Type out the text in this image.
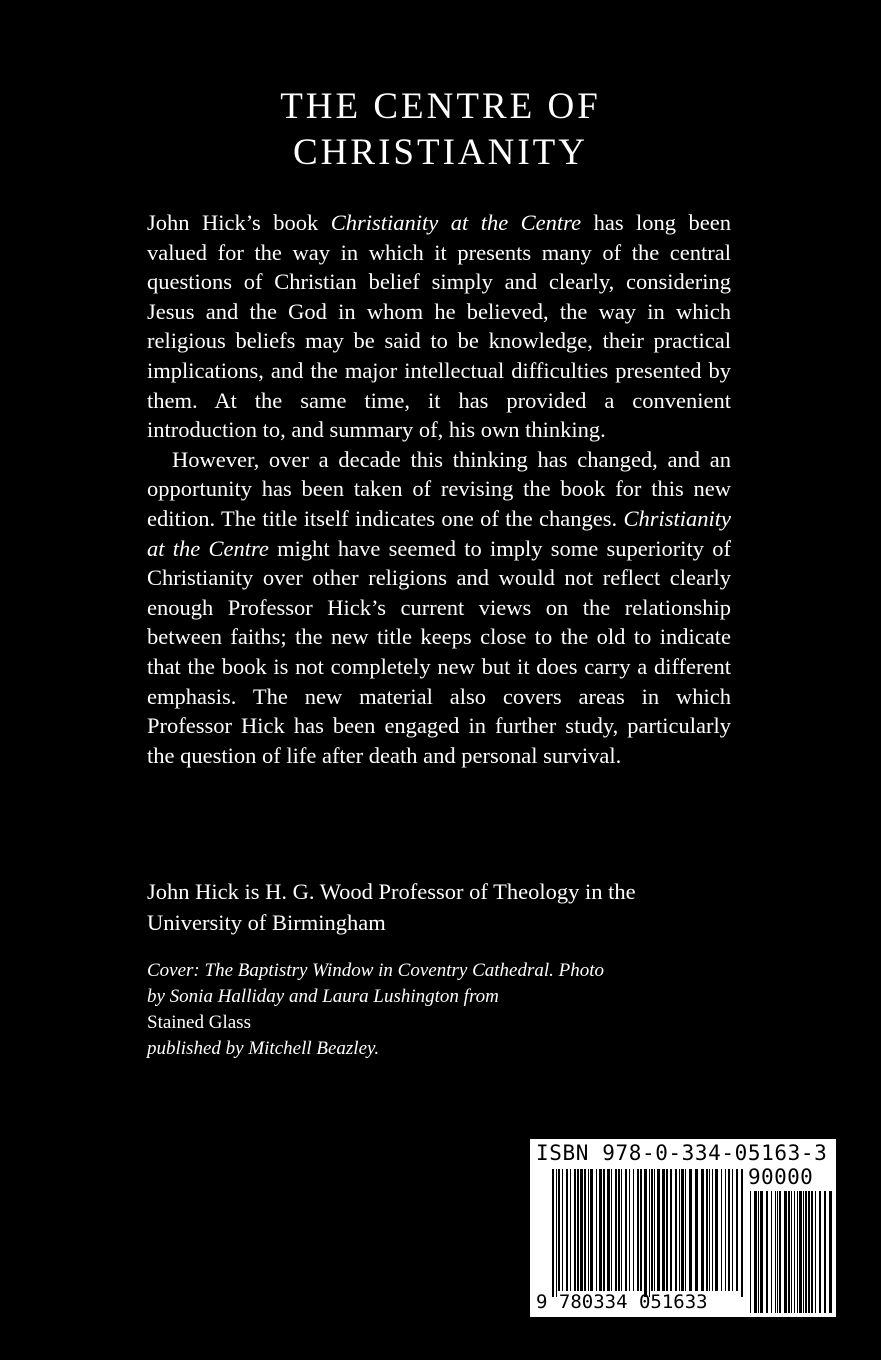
THE CENTRE OF
CHRISTIANITY

John Hick’s book Christianity at the Centre has long been valued for the way in which it presents many of the central questions of Christian belief simply and clearly, considering Jesus and the God in whom he believed, the way in which religious beliefs may be said to be knowledge, their practical implications, and the major intellectual difficulties presented by them. At the same time, it has provided a convenient introduction to, and summary of, his own thinking.

However, over a decade this thinking has changed, and an opportunity has been taken of revising the book for this new edition. The title itself indicates one of the changes. Christianity at the Centre might have seemed to imply some superiority of Christianity over other religions and would not reflect clearly enough Professor Hick’s current views on the relationship between faiths; the new title keeps close to the old to indicate that the book is not completely new but it does carry a different emphasis. The new material also covers areas in which Professor Hick has been engaged in further study, particularly the question of life after death and personal survival.

John Hick is H. G. Wood Professor of Theology in the
University of Birmingham
Cover: The Baptistry Window in Coventry Cathedral. Photo
by Sonia Halliday and Laura Lushington from
Stained Glass
published by Mitchell Beazley.
ISBN 978-0-334-05163-3
90000
9 780334 051633
